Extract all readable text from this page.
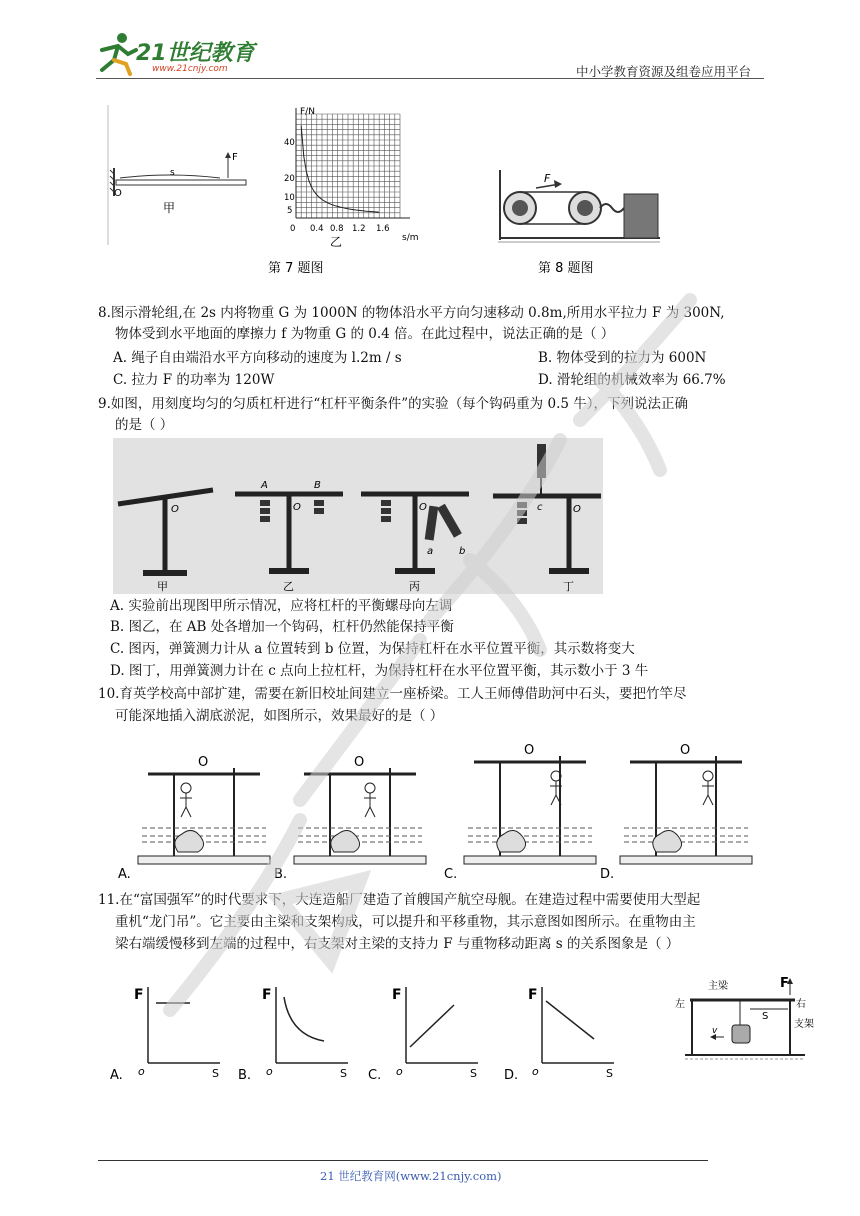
21世纪教育
www.21cnjy.com	中小学教育资源及组卷应用平台
s
F
O
甲
F/N
40
20
10
5
0 0.4 0.8 1.2 1.6
s/m
乙
F
第 7 题图	第 8 题图
8.图示滑轮组,在 2s 内将物重 G 为 1000N 的物体沿水平方向匀速移动 0.8m,所用水平拉力 F 为 300N,
物体受到水平地面的摩擦力 f 为物重 G 的 0.4 倍。在此过程中，说法正确的是（ ）
A. 绳子自由端沿水平方向移动的速度为 l.2m / s	B. 物体受到的拉力为 600N
C. 拉力 F 的功率为 120W	D. 滑轮组的机械效率为 66.7%
9.如图，用刻度均匀的匀质杠杆进行“杠杆平衡条件”的实验（每个钩码重为 0.5 牛），下列说法正确
的是（ ）
O
甲
A	B
O
乙
O
a	b
丙
c	O
丁
A. 实验前出现图甲所示情况，应将杠杆的平衡螺母向左调
B. 图乙，在 AB 处各增加一个钩码，杠杆仍然能保持平衡
C. 图丙，弹簧测力计从 a 位置转到 b 位置，为保持杠杆在水平位置平衡，其示数将变大
D. 图丁，用弹簧测力计在 c 点向上拉杠杆，为保持杠杆在水平位置平衡，其示数小于 3 牛
10.育英学校高中部扩建，需要在新旧校址间建立一座桥梁。工人王师傅借助河中石头，要把竹竿尽
可能深地插入湖底淤泥，如图所示，效果最好的是（ ）
O
A.
O
B.
O
C.
O
D.
11.在“富国强军”的时代要求下，大连造船厂建造了首艘国产航空母舰。在建造过程中需要使用大型起
重机“龙门吊”。它主要由主梁和支架构成，可以提升和平移重物，其示意图如图所示。在重物由主
梁右端缓慢移到左端的过程中，右支架对主梁的支持力 F 与重物移动距离 s 的关系图象是（ ）
F
S
o
A.
F
S
o
B.
F
S
o
C.
F
S
o
D.
主梁
左	右
F
S
v
支架
21 世纪教育网(www.21cnjy.com)
